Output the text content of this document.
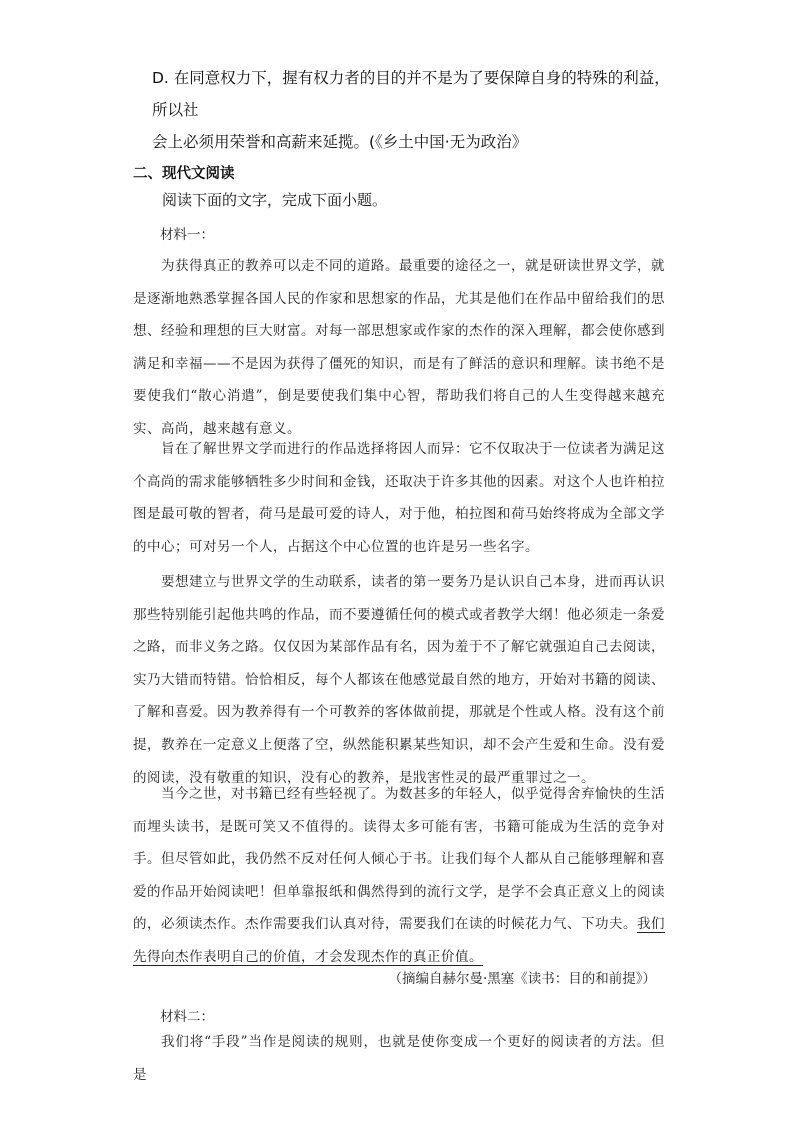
D. 在同意权力下，握有权力者的目的并不是为了要保障自身的特殊的利益，所以社
会上必须用荣誉和高薪来延揽。(《乡土中国·无为政治》
二、现代文阅读
阅读下面的文字，完成下面小题。
材料一：

为获得真正的教养可以走不同的道路。最重要的途径之一，就是研读世界文学，就是逐渐地熟悉掌握各国人民的作家和思想家的作品，尤其是他们在作品中留给我们的思想、经验和理想的巨大财富。对每一部思想家或作家的杰作的深入理解，都会使你感到满足和幸福——不是因为获得了僵死的知识，而是有了鲜活的意识和理解。读书绝不是要使我们“散心消遣”，倒是要使我们集中心智，帮助我们将自己的人生变得越来越充实、高尚，越来越有意义。

旨在了解世界文学而进行的作品选择将因人而异：它不仅取决于一位读者为满足这个高尚的需求能够牺牲多少时间和金钱，还取决于许多其他的因素。对这个人也许柏拉图是最可敬的智者，荷马是最可爱的诗人，对于他，柏拉图和荷马始终将成为全部文学的中心；可对另一个人，占据这个中心位置的也许是另一些名字。

要想建立与世界文学的生动联系，读者的第一要务乃是认识自己本身，进而再认识那些特别能引起他共鸣的作品，而不要遵循任何的模式或者教学大纲！他必须走一条爱之路，而非义务之路。仅仅因为某部作品有名，因为羞于不了解它就强迫自己去阅读，实乃大错而特错。恰恰相反，每个人都该在他感觉最自然的地方，开始对书籍的阅读、了解和喜爱。因为教养得有一个可教养的客体做前提，那就是个性或人格。没有这个前提，教养在一定意义上便落了空，纵然能积累某些知识，却不会产生爱和生命。没有爱的阅读，没有敬重的知识，没有心的教养，是戕害性灵的最严重罪过之一。

当今之世，对书籍已经有些轻视了。为数甚多的年轻人，似乎觉得舍弃愉快的生活而埋头读书，是既可笑又不值得的。读得太多可能有害，书籍可能成为生活的竞争对手。但尽管如此，我仍然不反对任何人倾心于书。让我们每个人都从自己能够理解和喜爱的作品开始阅读吧！但单靠报纸和偶然得到的流行文学，是学不会真正意义上的阅读的，必须读杰作。杰作需要我们认真对待，需要我们在读的时候花力气、下功夫。我们先得向杰作表明自己的价值，才会发现杰作的真正价值。

（摘编自赫尔曼·黑塞《读书：目的和前提》）
材料二：

我们将“手段”当作是阅读的规则，也就是使你变成一个更好的阅读者的方法。但是
